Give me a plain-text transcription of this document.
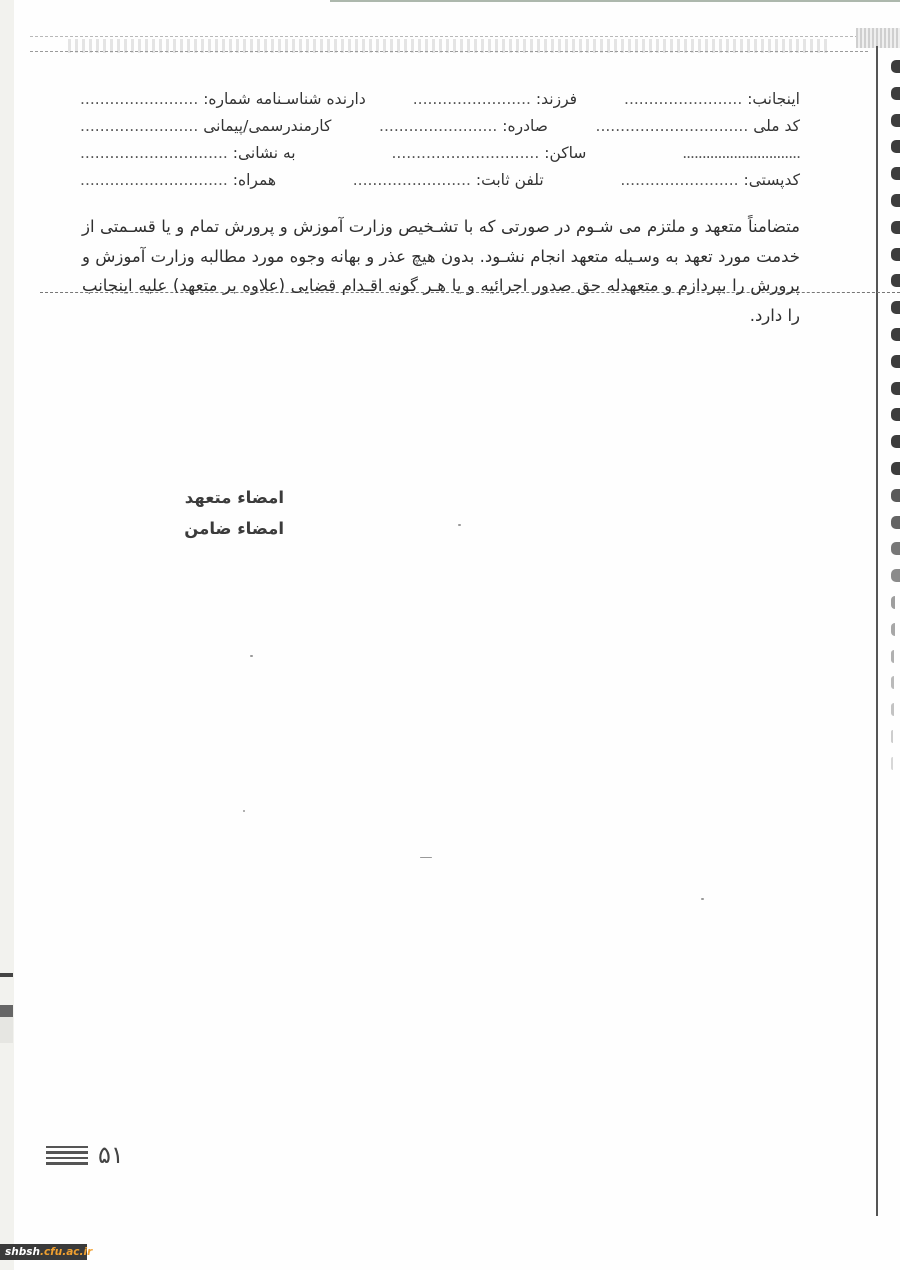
اینجانب: ........................
فرزند: ........................
دارنده شناسـنامه شماره: ........................
کد ملی ...............................
صادره: ........................
کارمندرسمی/پیمانی ........................
..............................
ساکن: ..............................
به نشانی: ..............................
کدپستی: ........................
تلفن ثابت: ........................
همراه: ..............................
متضامناً متعهد و ملتزم می شـوم در صورتی که با تشـخیص وزارت آموزش و پرورش تمام و یا قسـمتی از خدمت مورد تعهد به وسـیله متعهد انجام نشـود. بدون هیچ عذر و بهانه وجوه مورد مطالبه وزارت آموزش و پرورش را بپردازم و متعهدله حق صدور اجرائیه و یا هـر گونه اقـدام قضایی (علاوه بر متعهد) علیه اینجانب را دارد.
امضاء متعهد
امضاء ضامن
۵۱
shbsh.cfu.ac.ir
